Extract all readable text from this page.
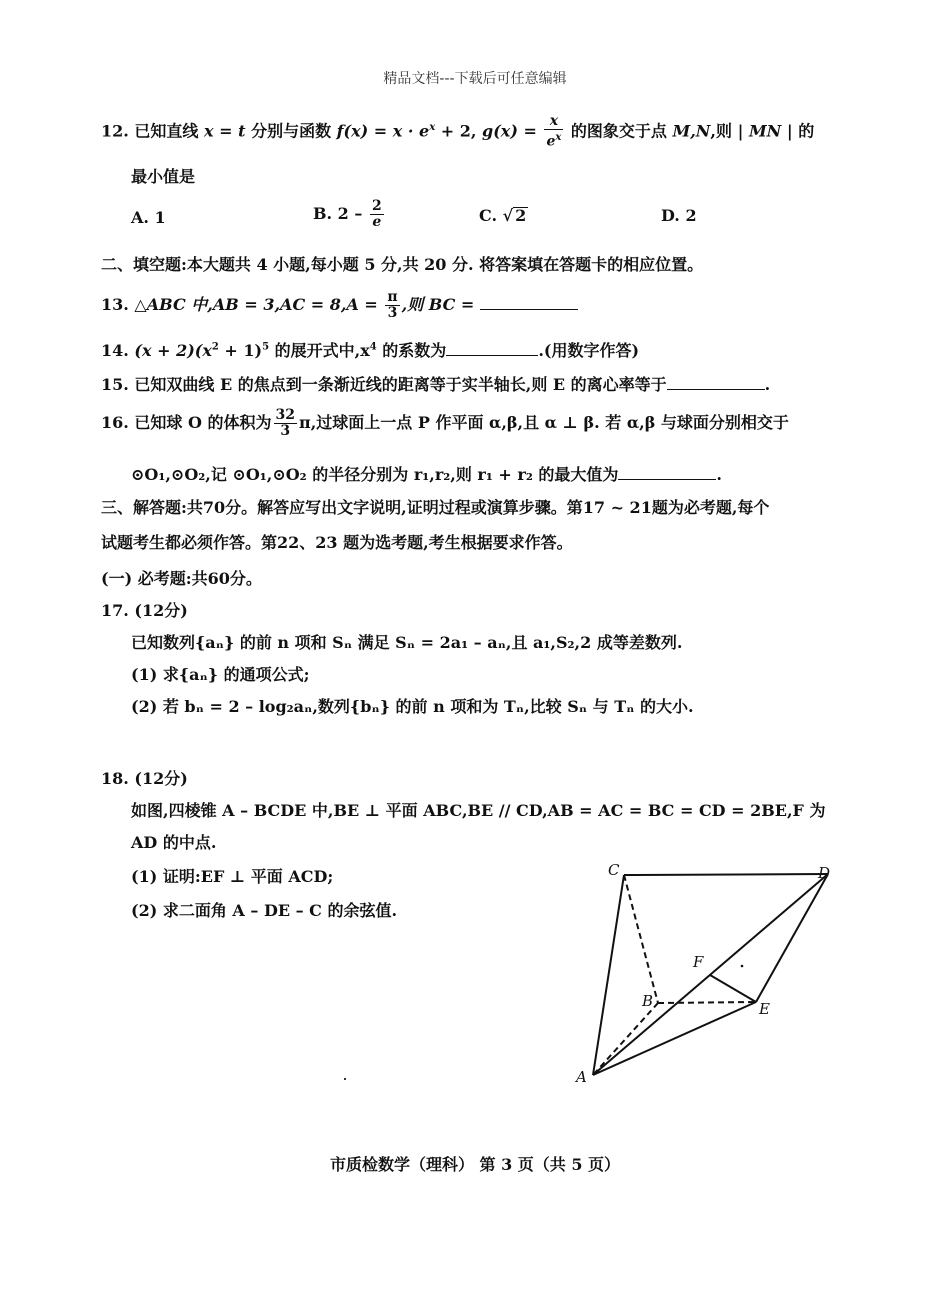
精品文档---下载后可任意编辑
12. 已知直线 x = t 分别与函数 $f(x) = x \cdot e^x + 2$, $g(x) = \frac{x}{e^x}$ 的图象交于点 M,N,则 | MN | 的
最小值是
A. 1	B. $2 - \frac{2}{e}$	C. √ 2	D. 2
二、填空题:本大题共 4 小题,每小题 5 分,共 20 分. 将答案填在答题卡的相应位置。
13. △ABC 中$,AB = 3,AC = 8,A = \frac{\pi}{3}$ ,则 BC =
14. $(x + 2)(x^2 + 1)^5$ 的展开式中$,x^4$ 的系数为	.(用数字作答)
15. 已知双曲线 E 的焦点到一条渐近线的距离等于实半轴长,则 E 的离心率等于	.
16. 已知球 O 的体积为 $\frac{32}{3} \pi$,过球面上一点 P 作平面 α,β,且 α ⊥ β. 若 α,β 与球面分别相交于
⊙O₁,⊙O₂,记 ⊙O₁,⊙O₂ 的半径分别为 r₁,r₂,则 r₁ + r₂ 的最大值为	.
三、解答题:共70分。解答应写出文字说明,证明过程或演算步骤。第17 ~ 21题为必考题,每个
试题考生都必须作答。第22、23 题为选考题,考生根据要求作答。
(一) 必考题:共60分。
17. (12分)
已知数列{aₙ} 的前 n 项和 Sₙ 满足 Sₙ = 2a₁ – aₙ,且 a₁,S₂,2 成等差数列.
(1) 求{aₙ} 的通项公式;
(2) 若 bₙ = 2 – log₂aₙ,数列{bₙ} 的前 n 项和为 Tₙ,比较 Sₙ 与 Tₙ 的大小.
18. (12分)
如图,四棱锥 A – BCDE 中,BE ⊥ 平面 ABC,BE // CD,AB = AC = BC = CD = 2BE,F 为
AD 的中点.
(1) 证明:EF ⊥ 平面 ACD;
(2) 求二面角 A – DE – C 的余弦值.
C	D
F
B	E
A
市质检数学（理科） 第 3 页（共 5 页）
